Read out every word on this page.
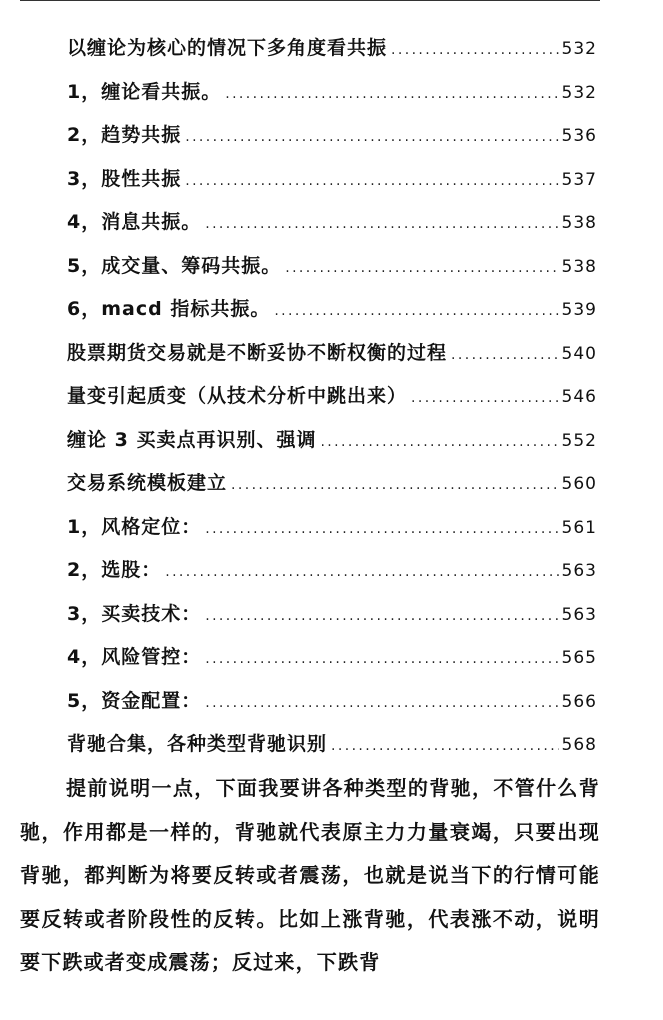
以缠论为核心的情况下多角度看共振 .....	532
1，缠论看共振。 .....	532
2，趋势共振 .....	536
3，股性共振 .....	537
4，消息共振。 .....	538
5，成交量、筹码共振。 .....	538
6，macd 指标共振。 .....	539
股票期货交易就是不断妥协不断权衡的过程 .....	540
量变引起质变（从技术分析中跳出来） .....	546
缠论 3 买卖点再识别、强调 .....	552
交易系统模板建立 .....	560
1，风格定位： .....	561
2，选股： .....	563
3，买卖技术： .....	563
4，风险管控： .....	565
5，资金配置： .....	566
背驰合集，各种类型背驰识别 .....	568

提前说明一点，下面我要讲各种类型的背驰，不管什么背驰，作用都是一样的，背驰就代表原主力力量衰竭，只要出现背驰，都判断为将要反转或者震荡，也就是说当下的行情可能要反转或者阶段性的反转。比如上涨背驰，代表涨不动，说明要下跌或者变成震荡；反过来，下跌背
